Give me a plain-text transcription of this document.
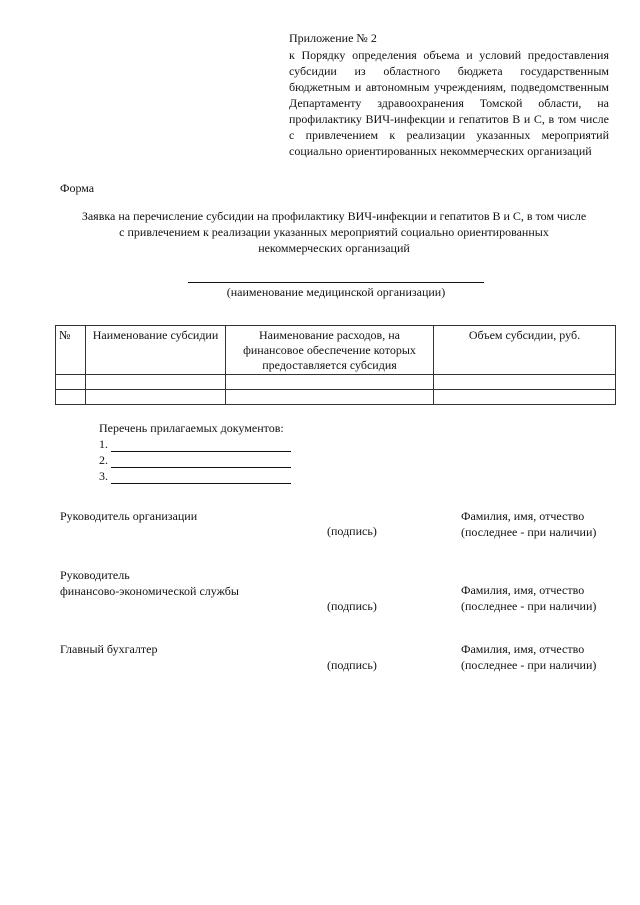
Приложение № 2
к Порядку определения объема и условий предоставления субсидии из областного бюджета государственным бюджетным и автономным учреждениям, подведомственным Департаменту здравоохранения Томской области, на профилактику ВИЧ-инфекции и гепатитов В и С, в том числе с привлечением к реализации указанных мероприятий социально ориентированных некоммерческих организаций
Форма
Заявка на перечисление субсидии на профилактику ВИЧ-инфекции и гепатитов В и С, в том числе
с привлечением к реализации указанных мероприятий социально ориентированных
некоммерческих организаций
(наименование медицинской организации)
№	Наименование субсидии	Наименование расходов, на финансовое обеспечение которых предоставляется субсидия	Объем субсидии, руб.

Перечень прилагаемых документов:
1.
2.
3.
Руководитель организации
(подпись)
Фамилия, имя, отчество
(последнее - при наличии)
Руководитель
финансово-экономической службы
(подпись)
Фамилия, имя, отчество
(последнее - при наличии)
Главный бухгалтер
(подпись)
Фамилия, имя, отчество
(последнее - при наличии)
